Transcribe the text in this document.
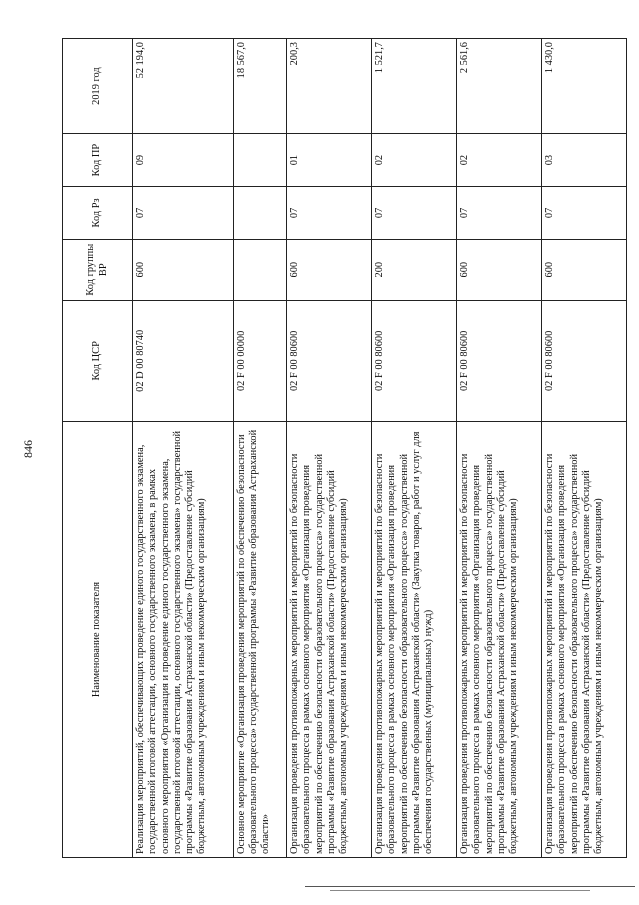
846
Наименование показателя	Код ЦСР	Код группы ВР	Код Рз	Код ПР	2019 год
Реализация мероприятий, обеспечивающих проведение единого государственного экзамена, государственной итоговой аттестации, основного государственного экзамена, в рамках основного мероприятия «Организация и проведение единого государственного экзамена, государственной итоговой аттестации, основного государственного экзамена» государственной программы «Развитие образования Астраханской области» (Предоставление субсидий бюджетным, автономным учреждениям и иным некоммерческим организациям)	02 D 00 80740	600	07	09	52 194,0
Основное мероприятие «Организация проведения мероприятий по обеспечению безопасности образовательного процесса» государственной программы «Развитие образования Астраханской области»	02 F 00 00000				18 567,0
Организация проведения противопожарных мероприятий и мероприятий по безопасности образовательного процесса в рамках основного мероприятия «Организация проведения мероприятий по обеспечению безопасности образовательного процесса» государственной программы «Развитие образования Астраханской области» (Предоставление субсидий бюджетным, автономным учреждениям и иным некоммерческим организациям)	02 F 00 80600	600	07	01	200,3
Организация проведения противопожарных мероприятий и мероприятий по безопасности образовательного процесса в рамках основного мероприятия «Организация проведения мероприятий по обеспечению безопасности образовательного процесса» государственной программы «Развитие образования Астраханской области» (Закупка товаров, работ и услуг для обеспечения государственных (муниципальных) нужд)	02 F 00 80600	200	07	02	1 521,7
Организация проведения противопожарных мероприятий и мероприятий по безопасности образовательного процесса в рамках основного мероприятия «Организация проведения мероприятий по обеспечению безопасности образовательного процесса» государственной программы «Развитие образования Астраханской области» (Предоставление субсидий бюджетным, автономным учреждениям и иным некоммерческим организациям)	02 F 00 80600	600	07	02	2 561,6
Организация проведения противопожарных мероприятий и мероприятий по безопасности образовательного процесса в рамках основного мероприятия «Организация проведения мероприятий по обеспечению безопасности образовательного процесса» государственной программы «Развитие образования Астраханской области» (Предоставление субсидий бюджетным, автономным учреждениям и иным некоммерческим организациям)	02 F 00 80600	600	07	03	1 430,0
